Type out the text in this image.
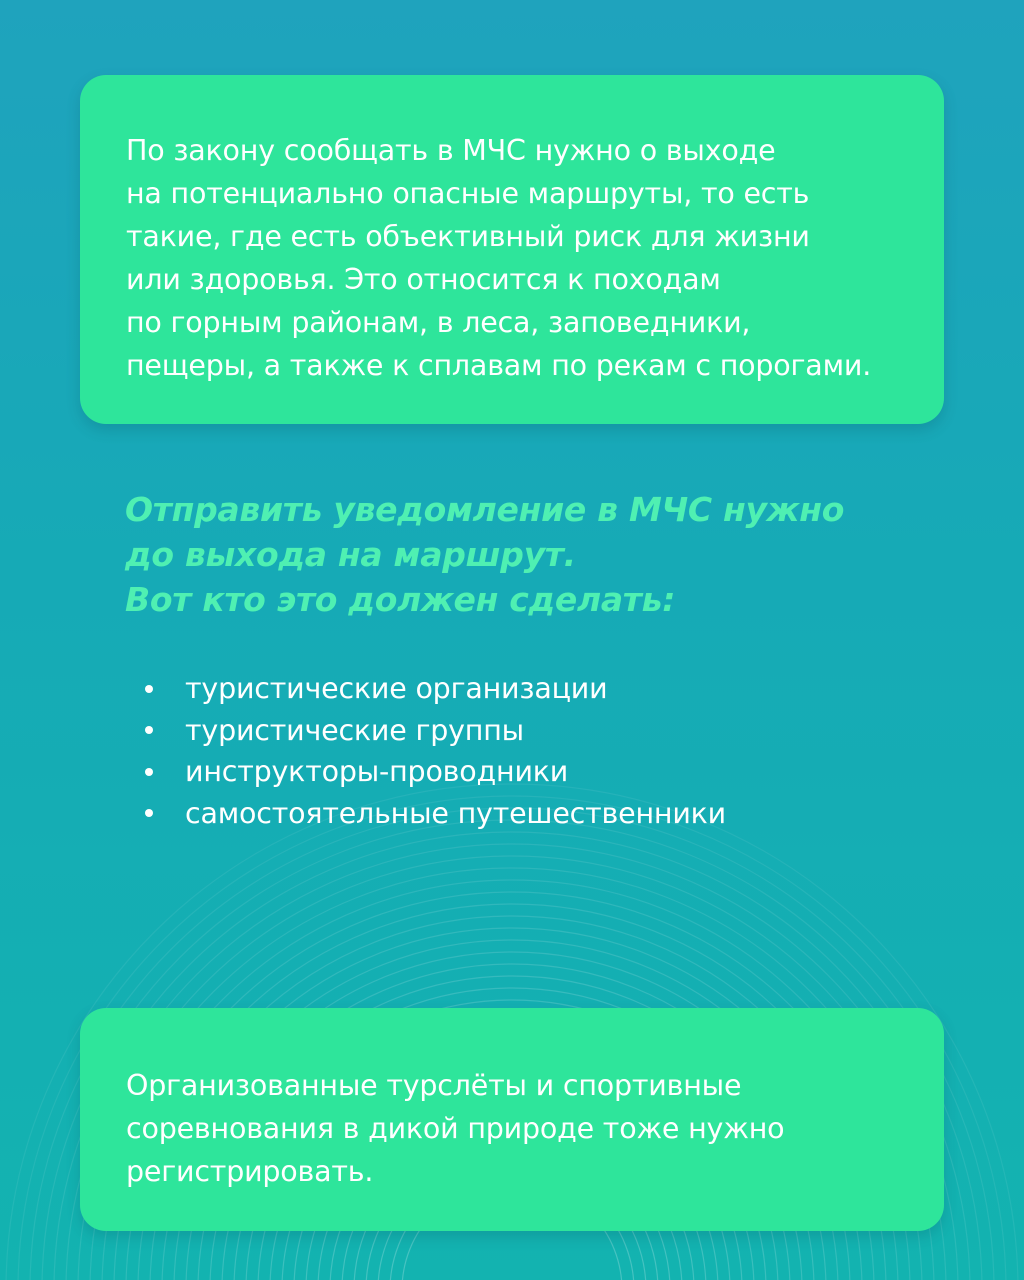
По закону сообщать в МЧС нужно о выходе
на потенциально опасные маршруты, то есть
такие, где есть объективный риск для жизни
или здоровья. Это относится к походам
по горным районам, в леса, заповедники,
пещеры, а также к сплавам по рекам с порогами.

Отправить уведомление в МЧС нужно
до выхода на маршрут.
Вот кто это должен сделать:
туристические организации
туристические группы
инструкторы-проводники
самостоятельные путешественники

Организованные турслёты и спортивные
соревнования в дикой природе тоже нужно
регистрировать.
